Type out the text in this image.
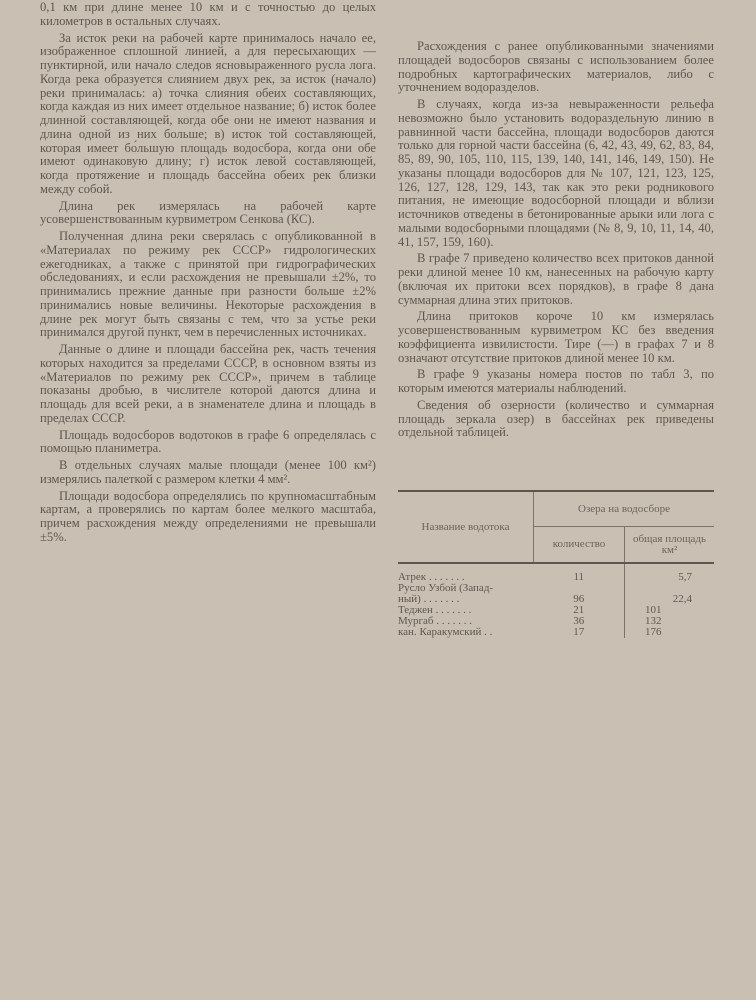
0,1 км при длине менее 10 км и с точностью до целых километров в остальных случаях.

За исток реки на рабочей карте принималось начало ее, изображенное сплошной линией, а для пересыхающих — пунктирной, или начало следов ясновыраженного русла лога. Когда река образуется слиянием двух рек, за исток (начало) реки принималась: а) точка слияния обеих составляющих, когда каждая из них имеет отдельное название; б) исток более длинной составляющей, когда обе они не имеют названия и длина одной из них больше; в) исток той составляющей, которая имеет бо́льшую площадь водосбора, когда они обе имеют одинаковую длину; г) исток левой составляющей, когда протяжение и площадь бассейна обеих рек близки между собой.

Длина рек измерялась на рабочей карте усовершенствованным курвиметром Сенкова (КС).

Полученная длина реки сверялась с опубликованной в «Материалах по режиму рек СССР» гидрологических ежегодниках, а также с принятой при гидрографических обследованиях, и если расхождения не превышали ±2%, то принимались прежние данные при разности больше ±2% принимались новые величины. Некоторые расхождения в длине рек могут быть связаны с тем, что за устье реки принимался другой пункт, чем в перечисленных источниках.

Данные о длине и площади бассейна рек, часть течения которых находится за пределами СССР, в основном взяты из «Материалов по режиму рек СССР», причем в таблице показаны дробью, в числителе которой даются длина и площадь для всей реки, а в знаменателе длина и площадь в пределах СССР.

Площадь водосборов водотоков в графе 6 определялась с помощью планиметра.

В отдельных случаях малые площади (менее 100 км²) измерялись палеткой с размером клетки 4 мм².

Площади водосбора определялись по крупномасштабным картам, а проверялись по картам более мелкого масштаба, причем расхождения между определениями не превышали ±5%.

Расхождения с ранее опубликованными значениями площадей водосборов связаны с использованием более подробных картографических материалов, либо с уточнением водоразделов.

В случаях, когда из-за невыраженности рельефа невозможно было установить водораздельную линию в равнинной части бассейна, площади водосборов даются только для горной части бассейна (6, 42, 43, 49, 62, 83, 84, 85, 89, 90, 105, 110, 115, 139, 140, 141, 146, 149, 150). Не указаны площади водосборов для № 107, 121, 123, 125, 126, 127, 128, 129, 143, так как это реки родникового питания, не имеющие водосборной площади и вблизи источников отведены в бетонированные арыки или лога с малыми водосборными площадями (№ 8, 9, 10, 11, 14, 40, 41, 157, 159, 160).

В графе 7 приведено количество всех притоков данной реки длиной менее 10 км, нанесенных на рабочую карту (включая их притоки всех порядков), в графе 8 дана суммарная длина этих притоков.

Длина притоков короче 10 км измерялась усовершенствованным курвиметром КС без введения коэффициента извилистости. Тире (—) в графах 7 и 8 означают отсутствие притоков длиной менее 10 км.

В графе 9 указаны номера постов по табл 3, по которым имеются материалы наблюдений.

Сведения об озерности (количество и суммарная площадь зеркала озер) в бассейнах рек приведены отдельной таблицей.

Название водотока	Озера на водосборе	
	количество	общая площадь км²

Атрек . . . . . . .	11	5,7
Русло Узбой (Запад-
ный) . . . . . . .	96	22,4
Теджен . . . . . . .	21	101
Мургаб . . . . . . .	36	132
кан. Каракумский . .	17	176
